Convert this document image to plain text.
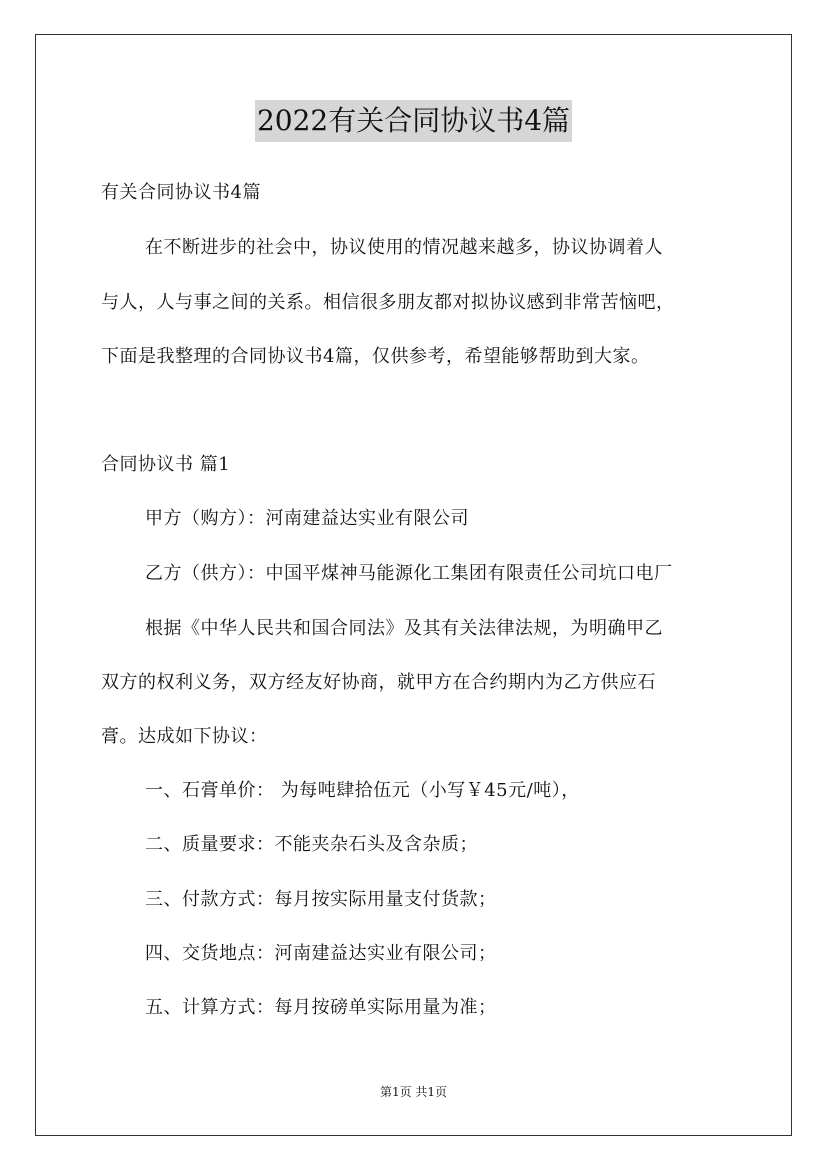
2022有关合同协议书4篇
有关合同协议书4篇
在不断进步的社会中，协议使用的情况越来越多，协议协调着人
与人，人与事之间的关系。相信很多朋友都对拟协议感到非常苦恼吧，
下面是我整理的合同协议书4篇，仅供参考，希望能够帮助到大家。
合同协议书 篇1
甲方（购方）：河南建益达实业有限公司
乙方（供方）：中国平煤神马能源化工集团有限责任公司坑口电厂
根据《中华人民共和国合同法》及其有关法律法规，为明确甲乙
双方的权利义务，双方经友好协商，就甲方在合约期内为乙方供应石
膏。达成如下协议：
一、石膏单价： 为每吨肆拾伍元（小写￥45元/吨），
二、质量要求：不能夹杂石头及含杂质；
三、付款方式：每月按实际用量支付货款；
四、交货地点：河南建益达实业有限公司；
五、计算方式：每月按磅单实际用量为准；
第1页 共1页
